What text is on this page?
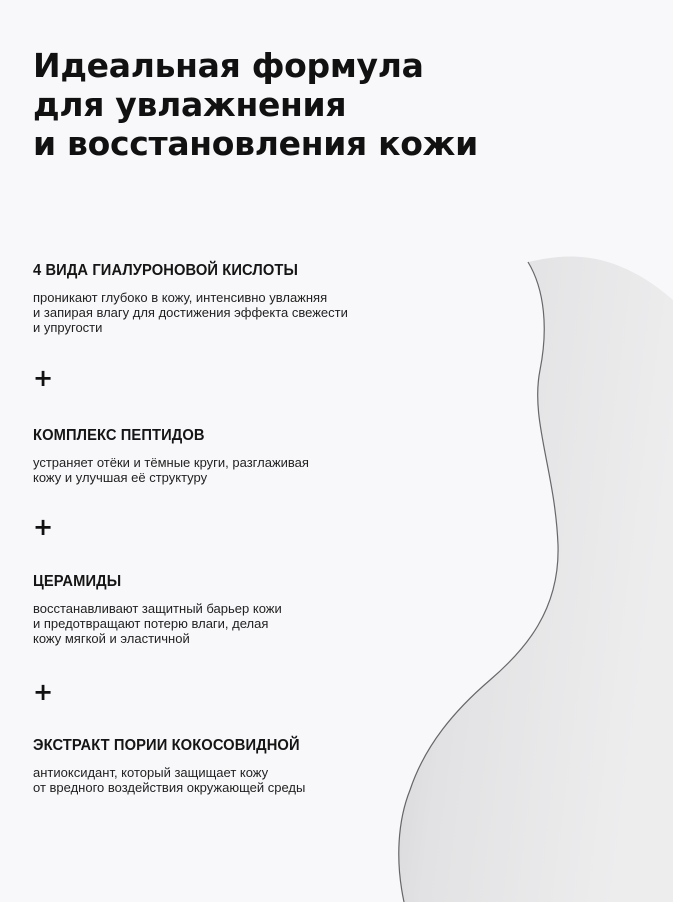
Идеальная формула
для увлажнения
и восстановления кожи
4 ВИДА ГИАЛУРОНОВОЙ КИСЛОТЫ

проникают глубоко в кожу, интенсивно увлажняя
и запирая влагу для достижения эффекта свежести
и упругости

+
КОМПЛЕКС ПЕПТИДОВ

устраняет отёки и тёмные круги, разглаживая
кожу и улучшая её структуру

+
ЦЕРАМИДЫ

восстанавливают защитный барьер кожи
и предотвращают потерю влаги, делая
кожу мягкой и эластичной

+
ЭКСТРАКТ ПОРИИ КОКОСОВИДНОЙ

антиоксидант, который защищает кожу
от вредного воздействия окружающей среды
